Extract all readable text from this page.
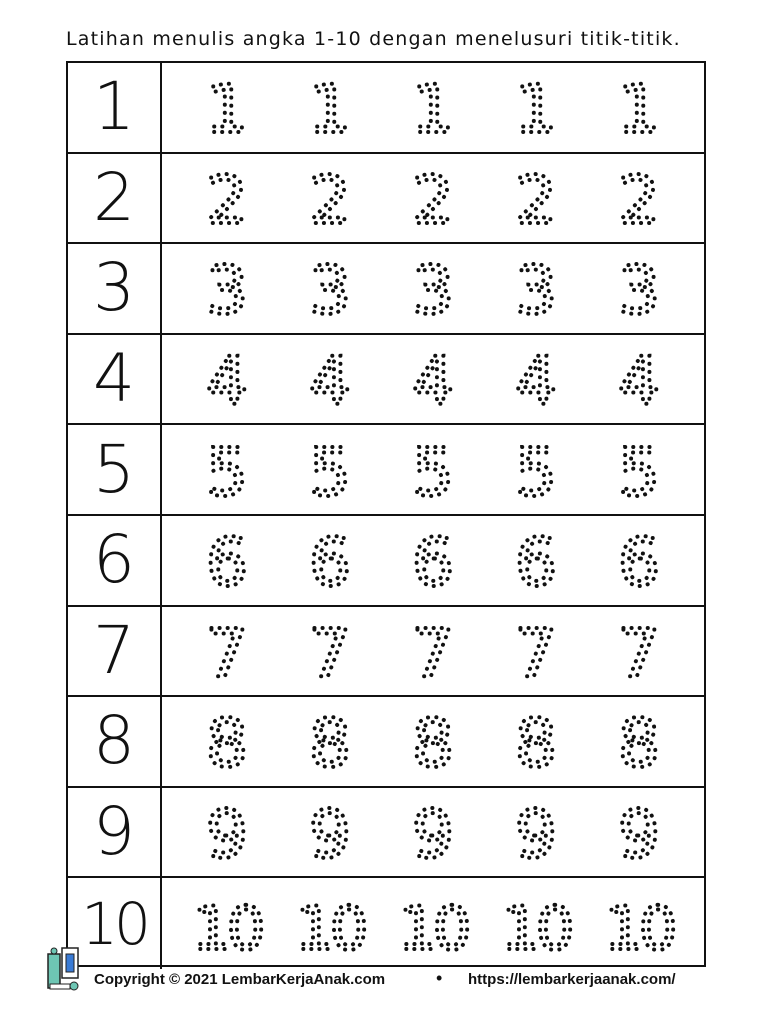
Latihan menulis angka 1-10 dengan menelusuri titik-titik.
1
2
3
4
5
6
7
8
9
10
Copyright © 2021 LembarKerjaAnak.com	• https://lembarkerjaanak.com/
